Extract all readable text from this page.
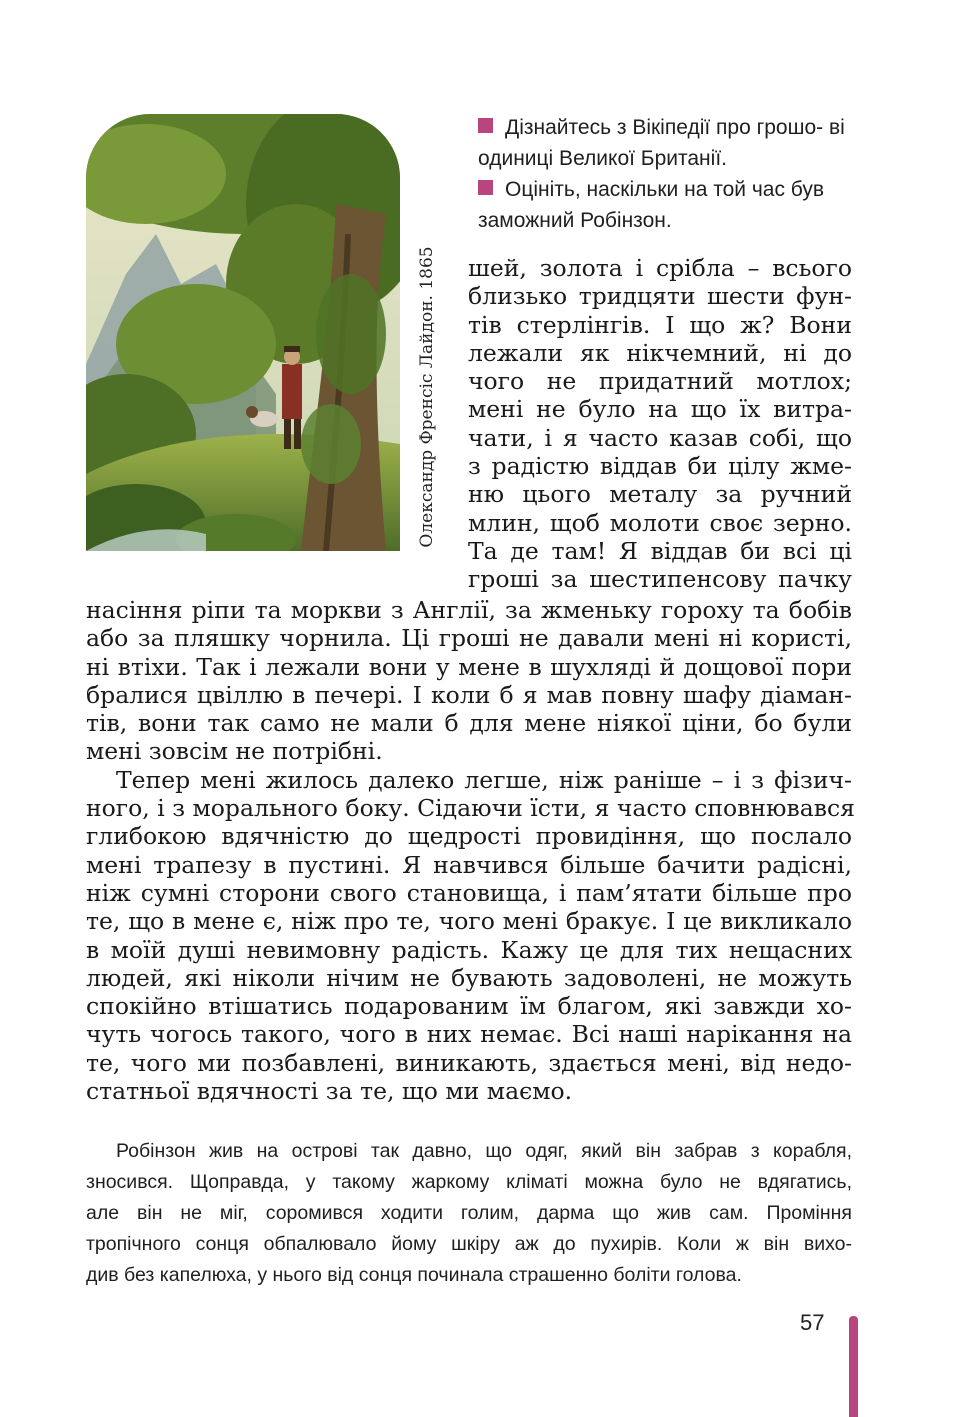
Олександр Френсіс Лайдон. 1865

Дізнайтесь з Вікіпедії про грошо- ві одиниці Великої Британії.

Оцініть, наскільки на той час був заможний Робінзон.

шей, золота і срібла – всього
близько тридцяти шести фун-
тів стерлінгів. І що ж? Вони
лежали як нікчемний, ні до
чого не придатний мотлох;
мені не було на що їх витра-
чати, і я часто казав собі, що
з радістю віддав би цілу жме-
ню цього металу за ручний
млин, щоб молоти своє зерно.
Та де там! Я віддав би всі ці
гроші за шестипенсову пачку
насіння ріпи та моркви з Англії, за жменьку гороху та бобів
або за пляшку чорнила. Ці гроші не давали мені ні користі,
ні втіхи. Так і лежали вони у мене в шухляді й дощової пори
бралися цвіллю в печері. І коли б я мав повну шафу діаман-
тів, вони так само не мали б для мене ніякої ціни, бо були
мені зовсім не потрібні.
Тепер мені жилось далеко легше, ніж раніше – і з фізич-
ного, і з морального боку. Сідаючи їсти, я часто сповнювався
глибокою вдячністю до щедрості провидіння, що послало
мені трапезу в пустині. Я навчився більше бачити радісні,
ніж сумні сторони свого становища, і пам’ятати більше про
те, що в мене є, ніж про те, чого мені бракує. І це викликало
в моїй душі невимовну радість. Кажу це для тих нещасних
людей, які ніколи нічим не бувають задоволені, не можуть
спокійно втішатись подарованим їм благом, які завжди хо-
чуть чогось такого, чого в них немає. Всі наші нарікання на
те, чого ми позбавлені, виникають, здається мені, від недо-
статньої вдячності за те, що ми маємо.
Робінзон жив на острові так давно, що одяг, який він забрав з корабля,
зносився. Щоправда, у такому жаркому кліматі можна було не вдягатись,
але він не міг, соромився ходити голим, дарма що жив сам. Проміння
тропічного сонця обпалювало йому шкіру аж до пухирів. Коли ж він вихо-
див без капелюха, у нього від сонця починала страшенно боліти голова.
57
